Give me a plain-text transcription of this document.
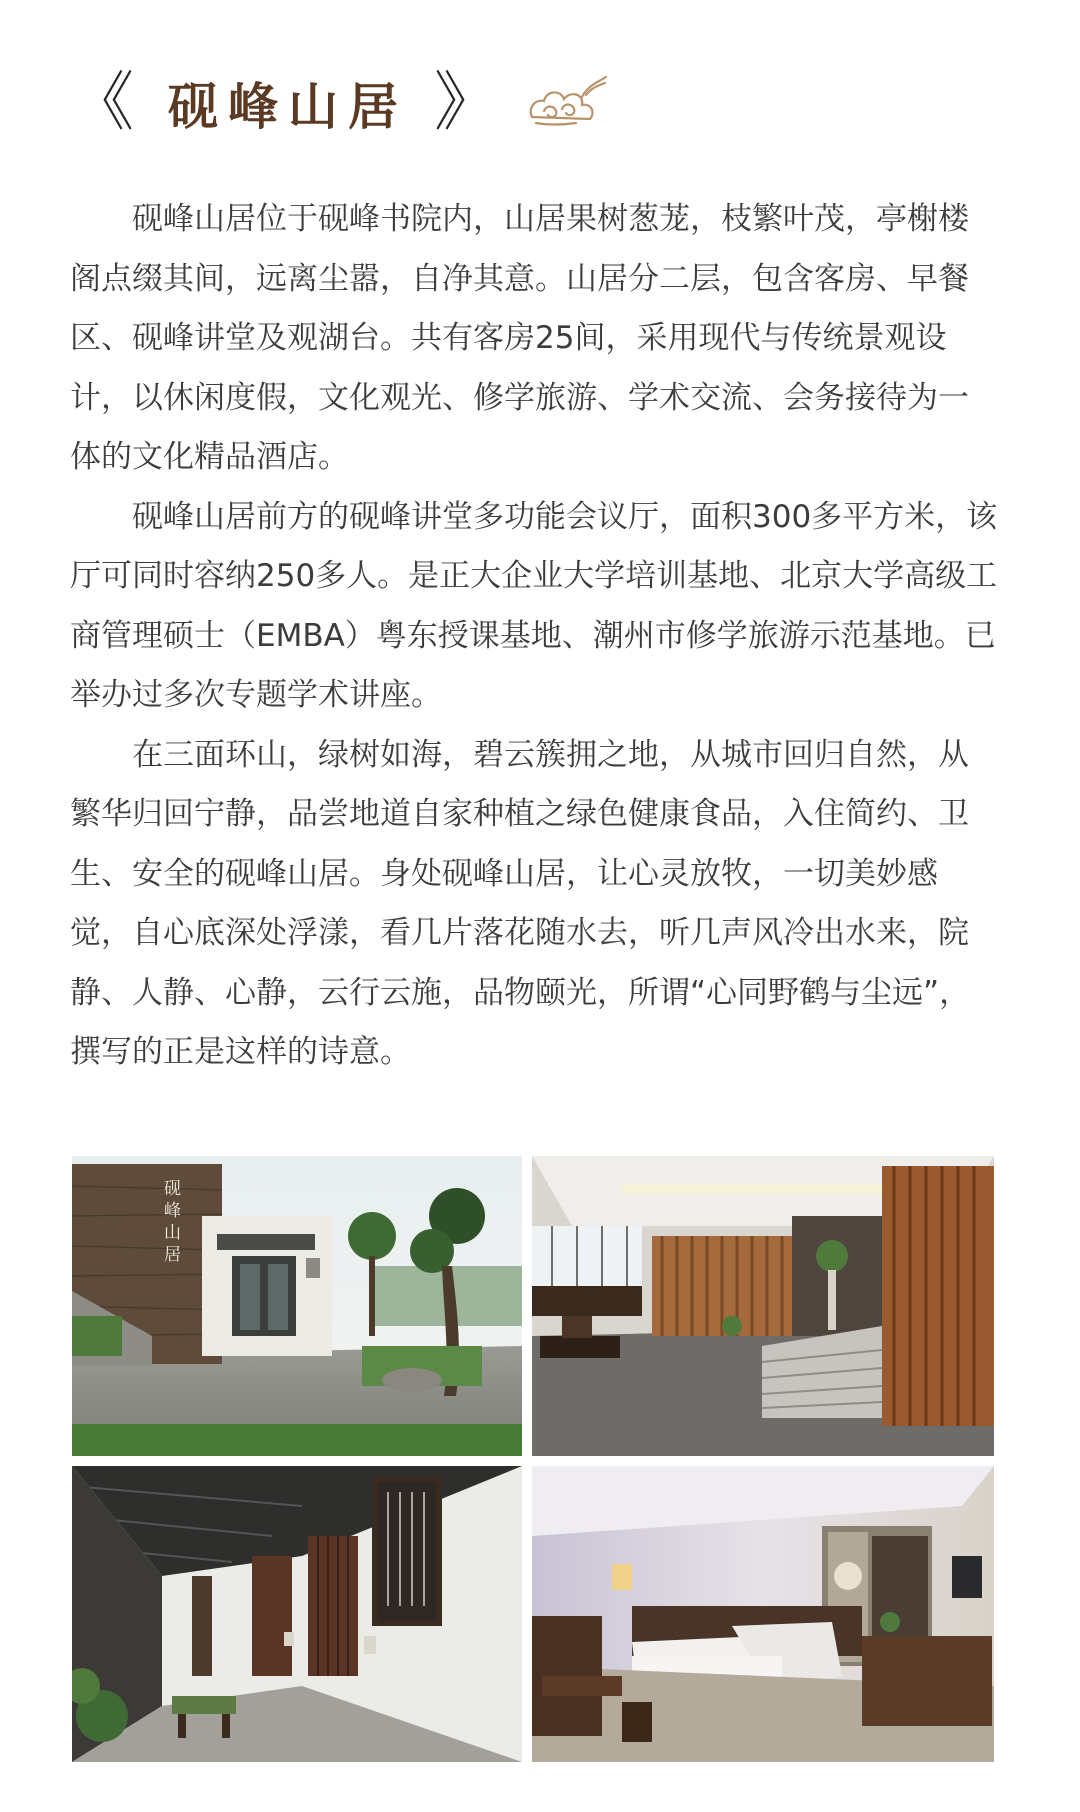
《 砚峰山居 》

砚峰山居位于砚峰书院内，山居果树葱茏，枝繁叶茂，亭榭楼阁点缀其间，远离尘嚣，自净其意。山居分二层，包含客房、早餐区、砚峰讲堂及观湖台。共有客房25间，采用现代与传统景观设计，以休闲度假，文化观光、修学旅游、学术交流、会务接待为一体的文化精品酒店。

砚峰山居前方的砚峰讲堂多功能会议厅，面积300多平方米，该厅可同时容纳250多人。是正大企业大学培训基地、北京大学高级工商管理硕士（EMBA）粤东授课基地、潮州市修学旅游示范基地。已举办过多次专题学术讲座。

在三面环山，绿树如海，碧云簇拥之地，从城市回归自然，从繁华归回宁静，品尝地道自家种植之绿色健康食品，入住简约、卫生、安全的砚峰山居。身处砚峰山居，让心灵放牧，一切美妙感觉，自心底深处浮漾，看几片落花随水去，听几声风冷出水来，院静、人静、心静，云行云施，品物颐光，所谓“心同野鹤与尘远”，撰写的正是这样的诗意。

砚
峰
山
居
